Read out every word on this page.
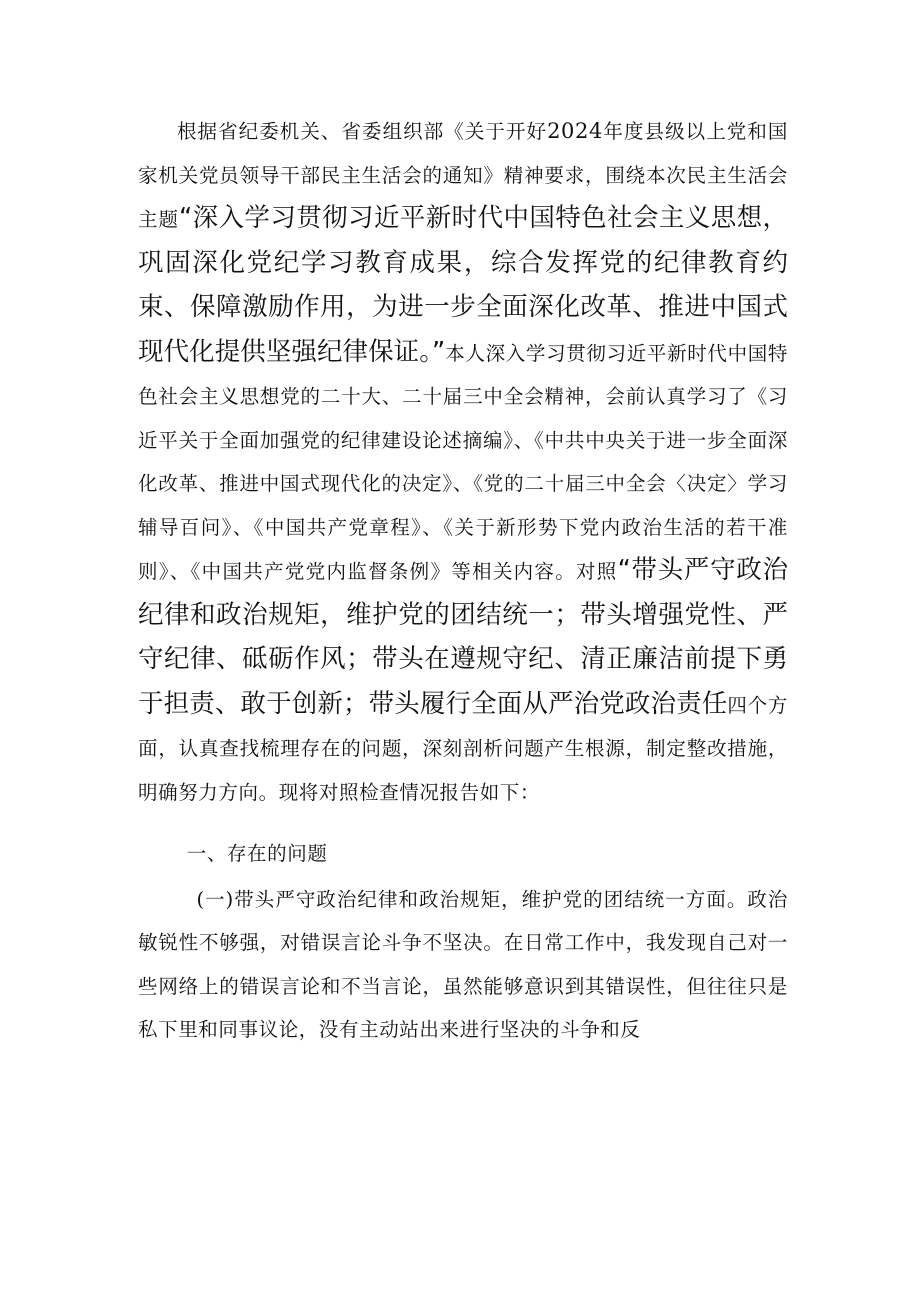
根据省纪委机关、省委组织部《关于开好2024年度县级以上党和国家机关党员领导干部民主生活会的通知》精神要求，围绕本次民主生活会主题“深入学习贯彻习近平新时代中国特色社会主义思想，巩固深化党纪学习教育成果，综合发挥党的纪律教育约束、保障激励作用，为进一步全面深化改革、推进中国式现代化提供坚强纪律保证。”本人深入学习贯彻习近平新时代中国特色社会主义思想党的二十大、二十届三中全会精神，会前认真学习了《习近平关于全面加强党的纪律建设论述摘编》、《中共中央关于进一步全面深化改革、推进中国式现代化的决定》、《党的二十届三中全会〈决定〉学习辅导百问》、《中国共产党章程》、《关于新形势下党内政治生活的若干准则》、《中国共产党党内监督条例》等相关内容。对照“带头严守政治纪律和政治规矩，维护党的团结统一；带头增强党性、严守纪律、砥砺作风；带头在遵规守纪、清正廉洁前提下勇于担责、敢于创新；带头履行全面从严治党政治责任四个方面，认真查找梳理存在的问题，深刻剖析问题产生根源，制定整改措施，明确努力方向。现将对照检查情况报告如下：

一、存在的问题

(一)带头严守政治纪律和政治规矩，维护党的团结统一方面。政治敏锐性不够强，对错误言论斗争不坚决。在日常工作中，我发现自己对一些网络上的错误言论和不当言论，虽然能够意识到其错误性，但往往只是私下里和同事议论，没有主动站出来进行坚决的斗争和反
